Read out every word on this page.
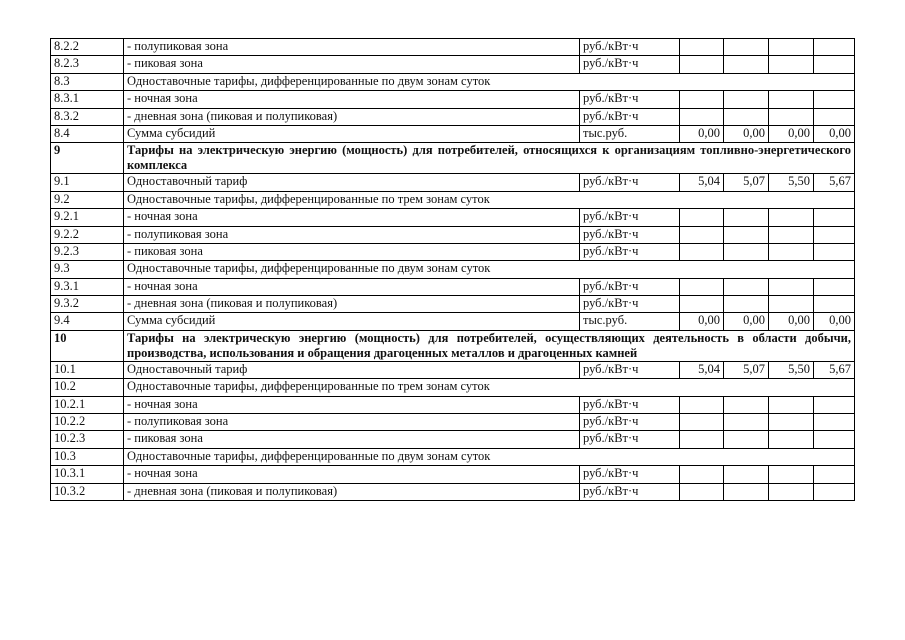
8.2.2	- полупиковая зона	руб./кВт·ч				
8.2.3	- пиковая зона	руб./кВт·ч				
8.3	Одноставочные тарифы, дифференцированные по двум зонам суток					
8.3.1	- ночная зона	руб./кВт·ч				
8.3.2	- дневная зона (пиковая и полупиковая)	руб./кВт·ч				
8.4	Сумма субсидий	тыс.руб.	0,00	0,00	0,00	0,00
9	Тарифы на электрическую энергию (мощность) для потребителей, относящихся к организациям топливно-энергетического комплекса					
9.1	Одноставочный тариф	руб./кВт·ч	5,04	5,07	5,50	5,67
9.2	Одноставочные тарифы, дифференцированные по трем зонам суток					
9.2.1	- ночная зона	руб./кВт·ч				
9.2.2	- полупиковая зона	руб./кВт·ч				
9.2.3	- пиковая зона	руб./кВт·ч				
9.3	Одноставочные тарифы, дифференцированные по двум зонам суток					
9.3.1	- ночная зона	руб./кВт·ч				
9.3.2	- дневная зона (пиковая и полупиковая)	руб./кВт·ч				
9.4	Сумма субсидий	тыс.руб.	0,00	0,00	0,00	0,00
10	Тарифы на электрическую энергию (мощность) для потребителей, осуществляющих деятельность в области добычи, производства, использования и обращения драгоценных металлов и драгоценных камней					
10.1	Одноставочный тариф	руб./кВт·ч	5,04	5,07	5,50	5,67
10.2	Одноставочные тарифы, дифференцированные по трем зонам суток					
10.2.1	- ночная зона	руб./кВт·ч				
10.2.2	- полупиковая зона	руб./кВт·ч				
10.2.3	- пиковая зона	руб./кВт·ч				
10.3	Одноставочные тарифы, дифференцированные по двум зонам суток					
10.3.1	- ночная зона	руб./кВт·ч				
10.3.2	- дневная зона (пиковая и полупиковая)	руб./кВт·ч				
